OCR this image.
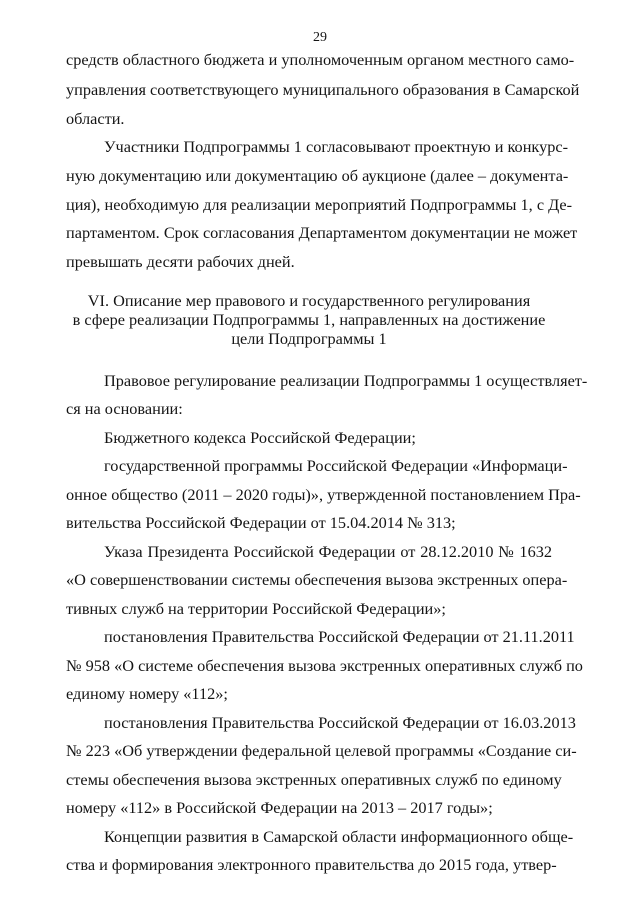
29

средств областного бюджета и уполномоченным органом местного само-

управления соответствующего муниципального образования в Самарской

области.

Участники Подпрограммы 1 согласовывают проектную и конкурс-

ную документацию или документацию об аукционе (далее – документа-

ция), необходимую для реализации мероприятий Подпрограммы 1, с Де-

партаментом. Срок согласования Департаментом документации не может

превышать десяти рабочих дней.

VI. Описание мер правового и государственного регулирования

в сфере реализации Подпрограммы 1, направленных на достижение

цели Подпрограммы 1

Правовое регулирование реализации Подпрограммы 1 осуществляет-

ся на основании:

Бюджетного кодекса Российской Федерации;

государственной программы Российской Федерации «Информаци-

онное общество (2011 – 2020 годы)», утвержденной постановлением Пра-

вительства Российской Федерации от 15.04.2014 № 313;

Указа Президента Российской Федерации от 28.12.2010 № 1632

«О совершенствовании системы обеспечения вызова экстренных опера-

тивных служб на территории Российской Федерации»;

постановления Правительства Российской Федерации от 21.11.2011

№ 958 «О системе обеспечения вызова экстренных оперативных служб по

единому номеру «112»;

постановления Правительства Российской Федерации от 16.03.2013

№ 223 «Об утверждении федеральной целевой программы «Создание си-

стемы обеспечения вызова экстренных оперативных служб по единому

номеру «112» в Российской Федерации на 2013 – 2017 годы»;

Концепции развития в Самарской области информационного обще-

ства и формирования электронного правительства до 2015 года, утвер-
